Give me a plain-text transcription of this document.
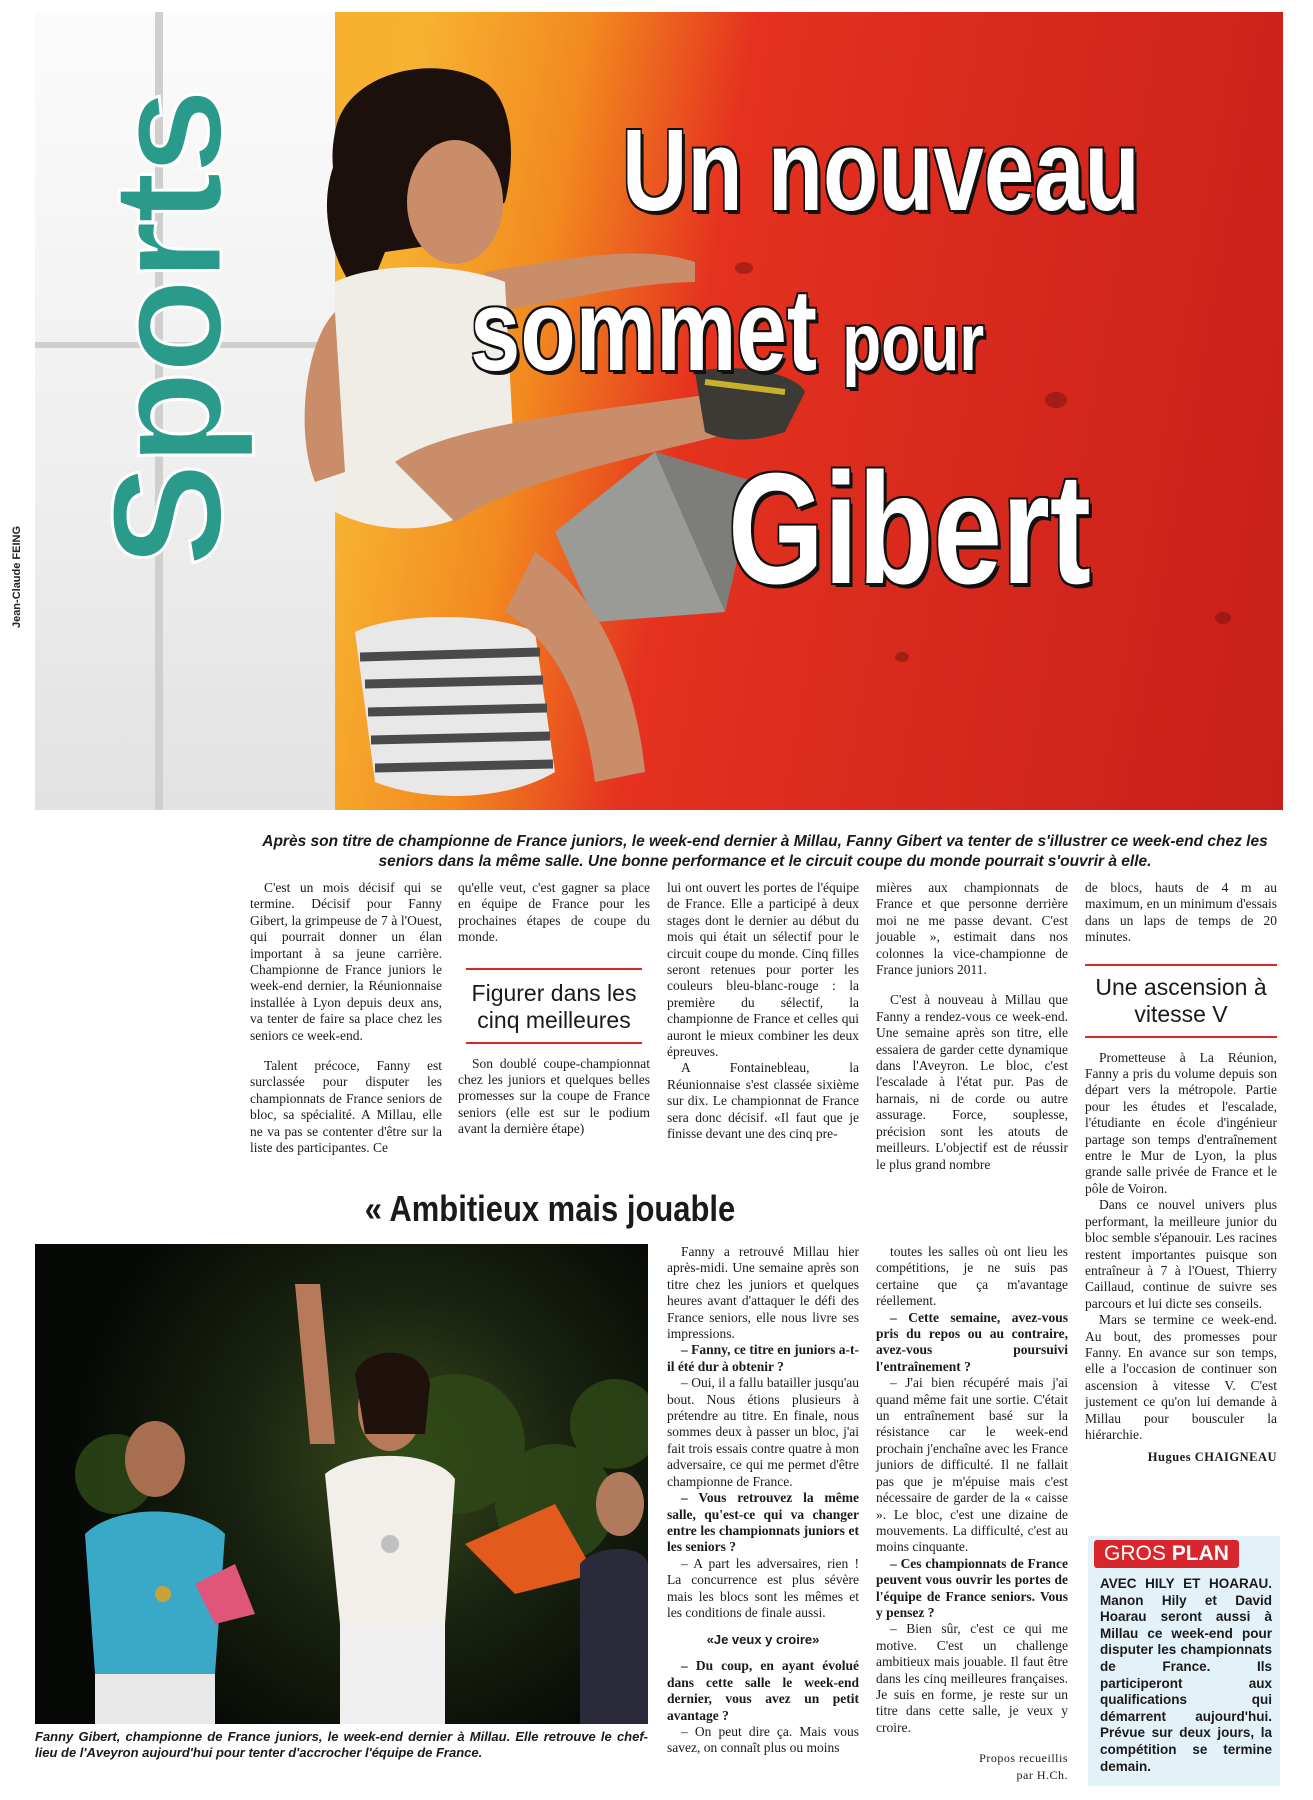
Sports
Jean-Claude FEING
Un nouveau
sommet pour
Gibert
Après son titre de championne de France juniors, le week-end dernier à Millau, Fanny Gibert va tenter de s'illustrer ce week-end chez les seniors dans la même salle. Une bonne performance et le circuit coupe du monde pourrait s'ouvrir à elle.

C'est un mois décisif qui se termine. Décisif pour Fanny Gibert, la grimpeuse de 7 à l'Ouest, qui pourrait donner un élan important à sa jeune carrière. Championne de France juniors le week-end dernier, la Réunionnaise installée à Lyon depuis deux ans, va tenter de faire sa place chez les seniors ce week-end.

Talent précoce, Fanny est surclassée pour disputer les championnats de France seniors de bloc, sa spécialité. A Millau, elle ne va pas se contenter d'être sur la liste des participantes. Ce

qu'elle veut, c'est gagner sa place en équipe de France pour les prochaines étapes de coupe du monde.

Figurer dans les cinq meilleures

Son doublé coupe-championnat chez les juniors et quelques belles promesses sur la coupe de France seniors (elle est sur le podium avant la dernière étape)

lui ont ouvert les portes de l'équipe de France. Elle a participé à deux stages dont le dernier au début du mois qui était un sélectif pour le circuit coupe du monde. Cinq filles seront retenues pour porter les couleurs bleu-blanc-rouge : la première du sélectif, la championne de France et celles qui auront le mieux combiner les deux épreuves.

A Fontainebleau, la Réunionnaise s'est classée sixième sur dix. Le championnat de France sera donc décisif. «Il faut que je finisse devant une des cinq pre-

mières aux championnats de France et que personne derrière moi ne me passe devant. C'est jouable », estimait dans nos colonnes la vice-championne de France juniors 2011.

C'est à nouveau à Millau que Fanny a rendez-vous ce week-end. Une semaine après son titre, elle essaiera de garder cette dynamique dans l'Aveyron. Le bloc, c'est l'escalade à l'état pur. Pas de harnais, ni de corde ou autre assurage. Force, souplesse, précision sont les atouts de meilleurs. L'objectif est de réussir le plus grand nombre

de blocs, hauts de 4 m au maximum, en un minimum d'essais dans un laps de temps de 20 minutes.

Une ascension à vitesse V

Prometteuse à La Réunion, Fanny a pris du volume depuis son départ vers la métropole. Partie pour les études et l'escalade, l'étudiante en école d'ingénieur partage son temps d'entraînement entre le Mur de Lyon, la plus grande salle privée de France et le pôle de Voiron.

Dans ce nouvel univers plus performant, la meilleure junior du bloc semble s'épanouir. Les racines restent importantes puisque son entraîneur à 7 à l'Ouest, Thierry Caillaud, continue de suivre ses parcours et lui dicte ses conseils.

Mars se termine ce week-end. Au bout, des promesses pour Fanny. En avance sur son temps, elle a l'occasion de continuer son ascension à vitesse V. C'est justement ce qu'on lui demande à Millau pour bousculer la hiérarchie.

Hugues CHAIGNEAU
« Ambitieux mais jouable
Fanny Gibert, championne de France juniors, le week-end dernier à Millau. Elle retrouve le chef-lieu de l'Aveyron aujourd'hui pour tenter d'accrocher l'équipe de France.

Fanny a retrouvé Millau hier après-midi. Une semaine après son titre chez les juniors et quelques heures avant d'attaquer le défi des France seniors, elle nous livre ses impressions.

– Fanny, ce titre en juniors a-t-il été dur à obtenir ?

– Oui, il a fallu batailler jusqu'au bout. Nous étions plusieurs à prétendre au titre. En finale, nous sommes deux à passer un bloc, j'ai fait trois essais contre quatre à mon adversaire, ce qui me permet d'être championne de France.

– Vous retrouvez la même salle, qu'est-ce qui va changer entre les championnats juniors et les seniors ?

– A part les adversaires, rien ! La concurrence est plus sévère mais les blocs sont les mêmes et les conditions de finale aussi.

«Je veux y croire»

– Du coup, en ayant évolué dans cette salle le week-end dernier, vous avez un petit avantage ?

– On peut dire ça. Mais vous savez, on connaît plus ou moins

toutes les salles où ont lieu les compétitions, je ne suis pas certaine que ça m'avantage réellement.

– Cette semaine, avez-vous pris du repos ou au contraire, avez-vous poursuivi l'entraînement ?

– J'ai bien récupéré mais j'ai quand même fait une sortie. C'était un entraînement basé sur la résistance car le week-end prochain j'enchaîne avec les France juniors de difficulté. Il ne fallait pas que je m'épuise mais c'est nécessaire de garder de la « caisse ». Le bloc, c'est une dizaine de mouvements. La difficulté, c'est au moins cinquante.

– Ces championnats de France peuvent vous ouvrir les portes de l'équipe de France seniors. Vous y pensez ?

– Bien sûr, c'est ce qui me motive. C'est un challenge ambitieux mais jouable. Il faut être dans les cinq meilleures françaises. Je suis en forme, je reste sur un titre dans cette salle, je veux y croire.

Propos recueillis
par H.Ch.
GROS PLAN
AVEC HILY ET HOARAU. Manon Hily et David Hoarau seront aussi à Millau ce week-end pour disputer les championnats de France. Ils participeront aux qualifications qui démarrent aujourd'hui. Prévue sur deux jours, la compétition se termine demain.
